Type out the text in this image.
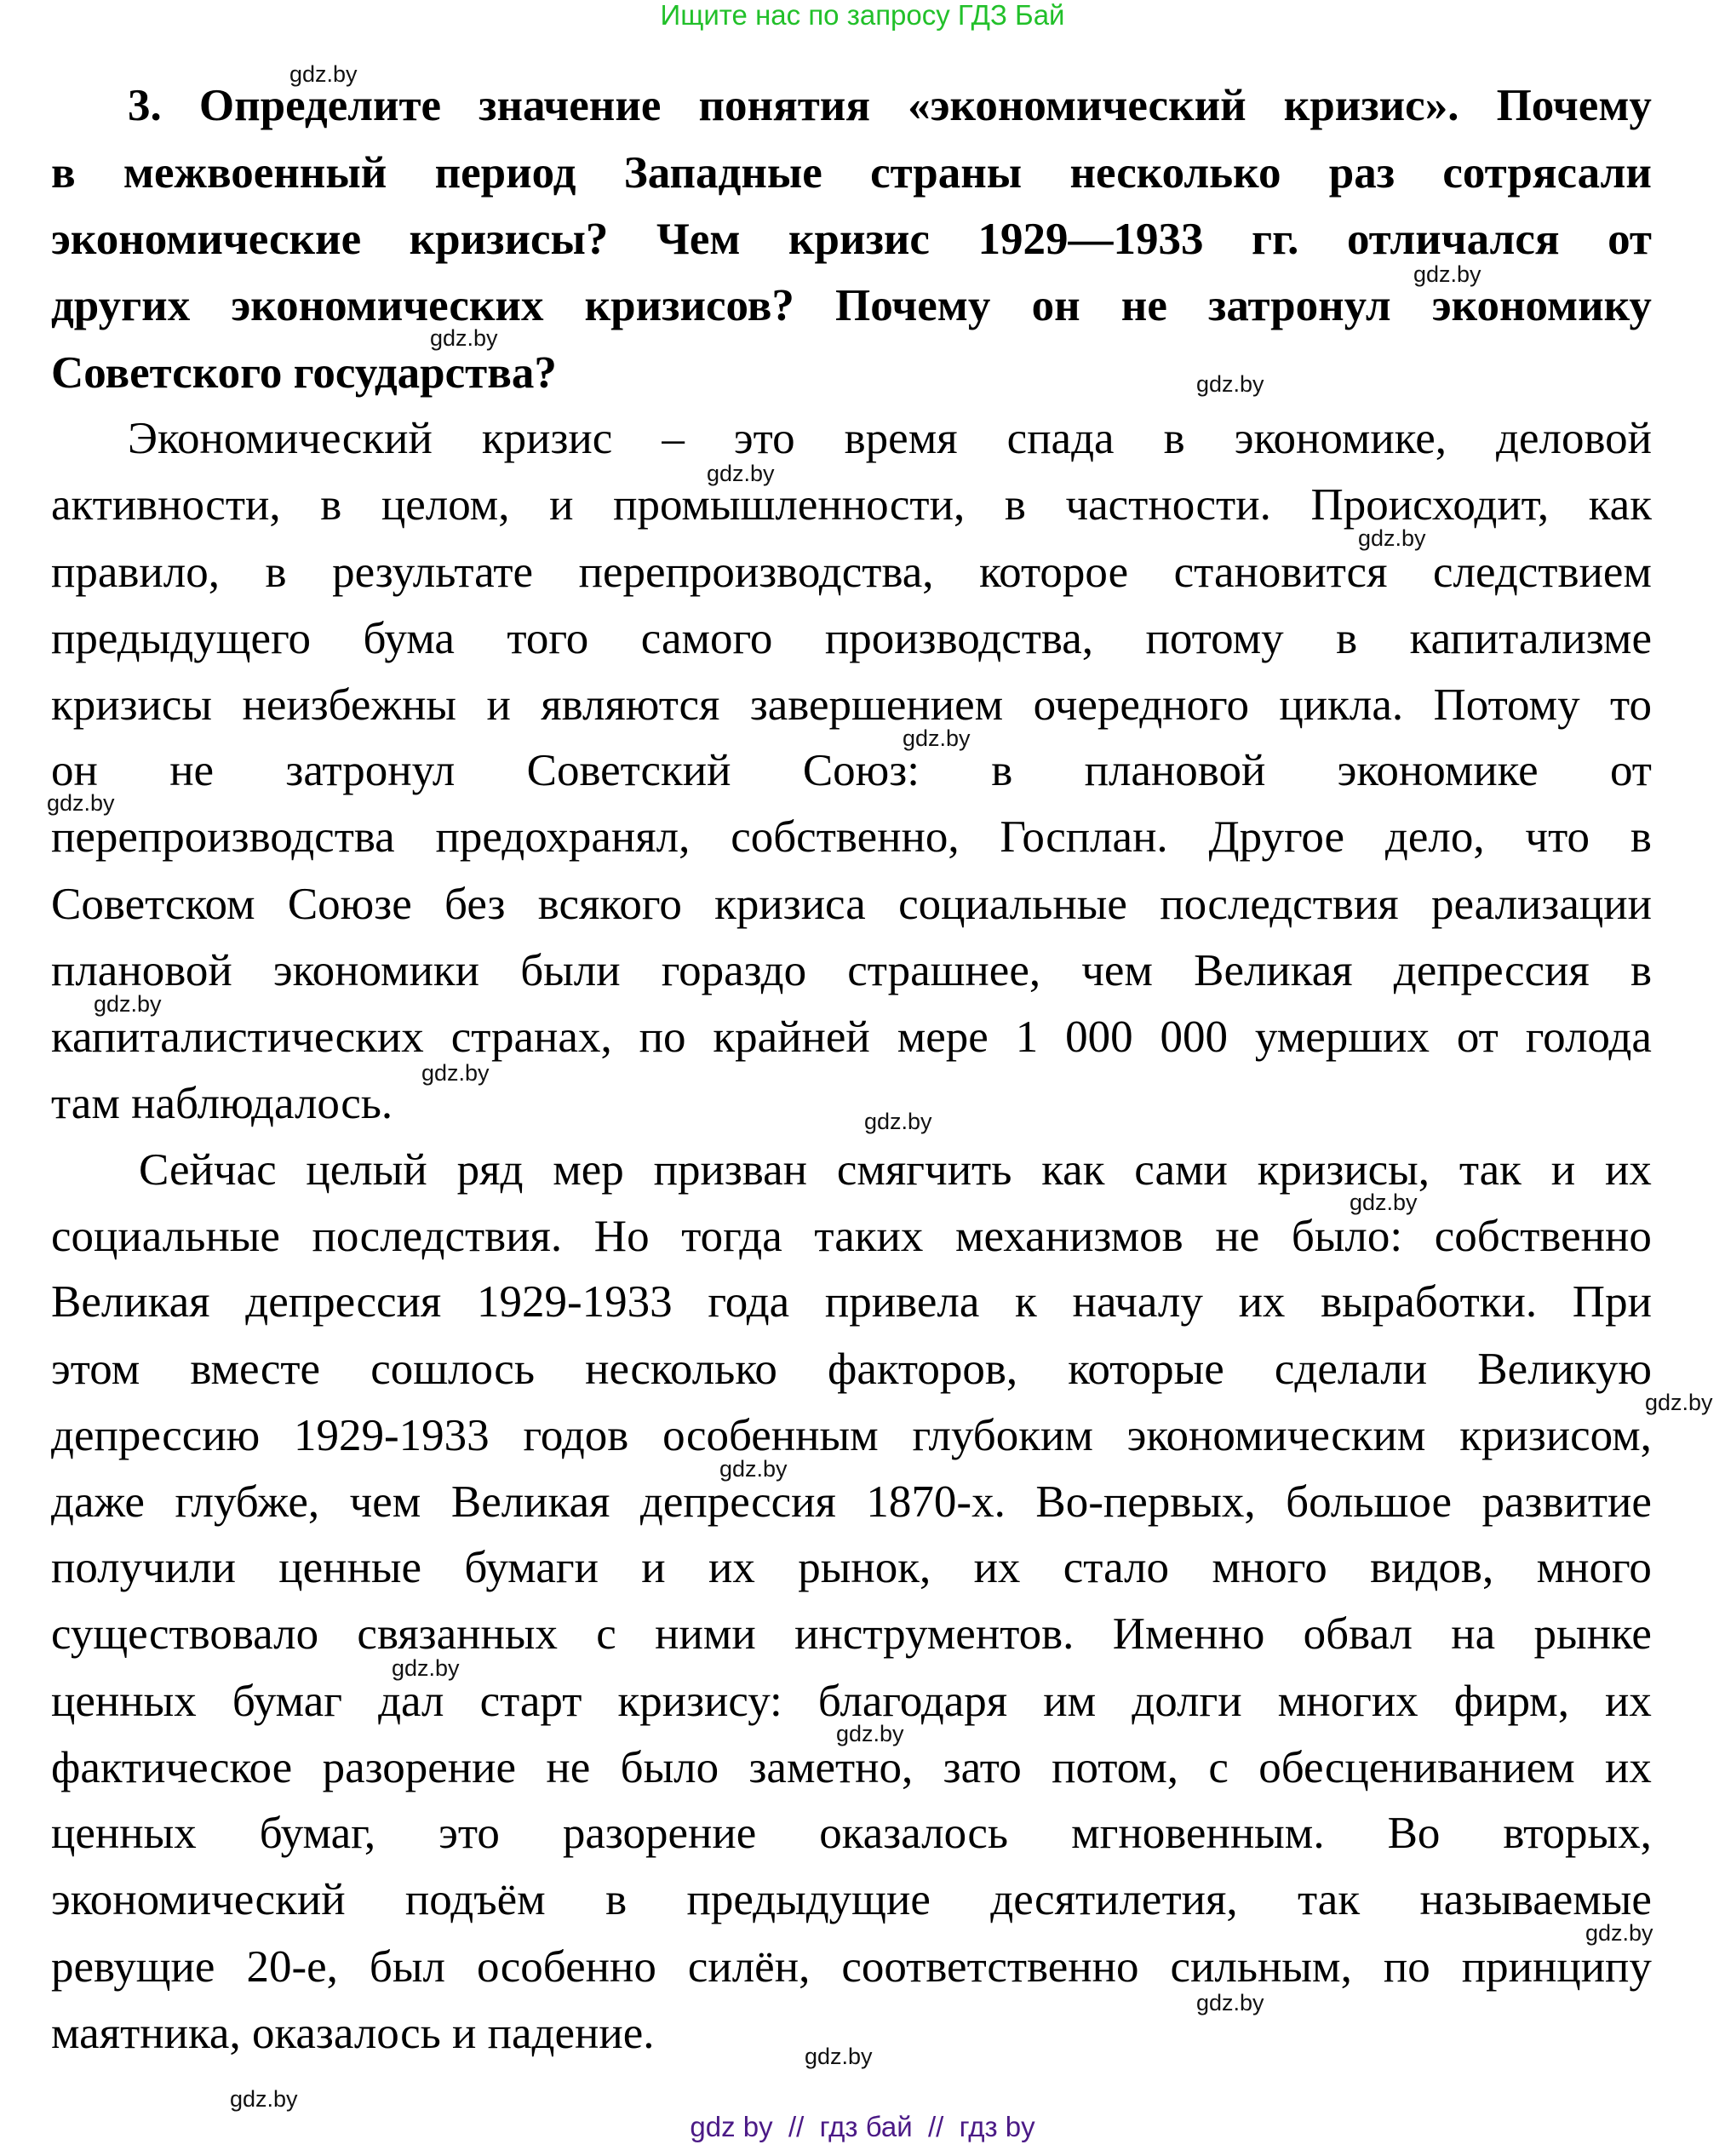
Ищите нас по запросу ГДЗ Бай
3. Определите значение понятия «экономический кризис». Почему
в межвоенный период Западные страны несколько раз сотрясали
экономические кризисы? Чем кризис 1929—1933 гг. отличался от
других экономических кризисов? Почему он не затронул экономику
Советского государства?
Экономический кризис – это время спада в экономике, деловой
активности, в целом, и промышленности, в частности. Происходит, как
правило, в результате перепроизводства, которое становится следствием
предыдущего бума того самого производства, потому в капитализме
кризисы неизбежны и являются завершением очередного цикла. Потому то
он не затронул Советский Союз: в плановой экономике от
перепроизводства предохранял, собственно, Госплан. Другое дело, что в
Советском Союзе без всякого кризиса социальные последствия реализации
плановой экономики были гораздо страшнее, чем Великая депрессия в
капиталистических странах, по крайней мере 1 000 000 умерших от голода
там наблюдалось.
Сейчас целый ряд мер призван смягчить как сами кризисы, так и их
социальные последствия. Но тогда таких механизмов не было: собственно
Великая депрессия 1929-1933 года привела к началу их выработки. При
этом вместе сошлось несколько факторов, которые сделали Великую
депрессию 1929-1933 годов особенным глубоким экономическим кризисом,
даже глубже, чем Великая депрессия 1870-х. Во-первых, большое развитие
получили ценные бумаги и их рынок, их стало много видов, много
существовало связанных с ними инструментов. Именно обвал на рынке
ценных бумаг дал старт кризису: благодаря им долги многих фирм, их
фактическое разорение не было заметно, зато потом, с обесцениванием их
ценных бумаг, это разорение оказалось мгновенным. Во вторых,
экономический подъём в предыдущие десятилетия, так называемые
ревущие 20-е, был особенно силён, соответственно сильным, по принципу
маятника, оказалось и падение.
gdz.by
gdz.by
gdz.by
gdz.by
gdz.by
gdz.by
gdz.by
gdz.by
gdz.by
gdz.by
gdz.by
gdz.by
gdz.by
gdz.by
gdz.by
gdz.by
gdz.by
gdz.by
gdz.by
gdz.by
gdz by  //  гдз бай  //  гдз by
